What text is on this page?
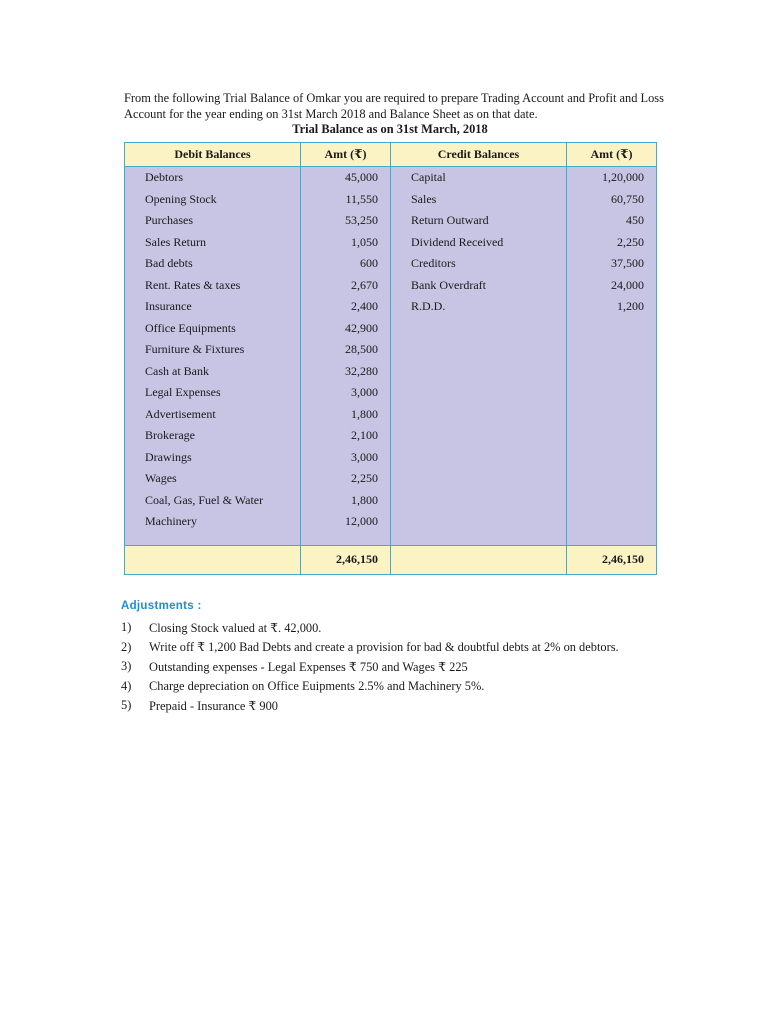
From the following Trial Balance of Omkar you are required to prepare Trading Account and Profit and Loss Account for the year ending on 31st March 2018 and Balance Sheet as on that date.
Trial Balance as on 31st March, 2018
Debit Balances	Amt (₹)	Credit Balances	Amt (₹)
Debtors	45,000	Capital	1,20,000
Opening Stock	11,550	Sales	60,750
Purchases	53,250	Return Outward	450
Sales Return	1,050	Dividend Received	2,250
Bad debts	600	Creditors	37,500
Rent. Rates & taxes	2,670	Bank Overdraft	24,000
Insurance	2,400	R.D.D.	1,200
Office Equipments	42,900		
Furniture & Fixtures	28,500		
Cash at Bank	32,280		
Legal Expenses	3,000		
Advertisement	1,800		
Brokerage	2,100		
Drawings	3,000		
Wages	2,250		
Coal, Gas, Fuel & Water	1,800		
Machinery	12,000		

	2,46,150		2,46,150
Adjustments :
1)	Closing Stock valued at ₹. 42,000.
2)	Write off ₹ 1,200 Bad Debts and create a provision for bad & doubtful debts at 2% on debtors.
3)	Outstanding expenses - Legal Expenses ₹ 750 and Wages ₹ 225
4)	Charge depreciation on Office Euipments 2.5% and Machinery 5%.
5)	Prepaid - Insurance ₹ 900
